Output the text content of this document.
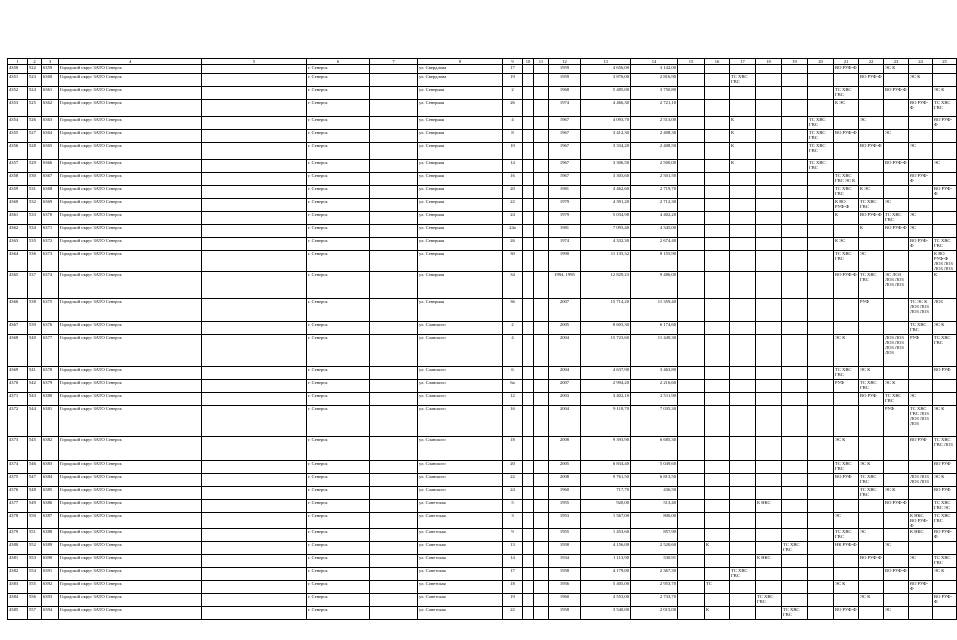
1	2	3	4	5	6	7	8	9	10	11	12	13	14	15	16	17	18	19	20	21	22	23	24	25
4350	522	6359	Городской округ ЗАТО Северск		г. Северск		ул. Свердлова	17			1959	4 656,00	3 142,00							ВО РУФ-Ф		ЭС К		
4351	523	6360	Городской округ ЗАТО Северск		г. Северск		ул. Свердлова	19			1959	3 876,00	2 816,90			ТС ХВС ГВС					ВО РУФ-Ф		ЭС К	
4352	524	6361	Городской округ ЗАТО Северск		г. Северск		ул. Северная	2			1968	5 485,00	3 750,80							ТС ХВС ГВС		ВО РУФ-Ф		ЭС К
4353	525	6362	Городской округ ЗАТО Северск		г. Северск		ул. Северная	26			1974	4 466,30	2 721,10							К ЭС			ВО РУФ-Ф	ТС ХВС ГВС
4354	526	6363	Городской округ ЗАТО Северск		г. Северск		ул. Северная	4			1967	4 093,70	2 513,00			К			ТС ХВС ГВС		ЭС			ВО РУФ-Ф
4355	527	6364	Городской округ ЗАТО Северск		г. Северск		ул. Северная	8			1967	3 412,30	2 408,30			К			ТС ХВС ГВС	ВО РУФ-Ф		ЭС		
4356	528	6365	Городской округ ЗАТО Северск		г. Северск		ул. Северная	10			1967	3 334,20	2 408,50			К			ТС ХВС ГВС		ВО РУФ-Ф		ЭС	
4357	529	6366	Городской округ ЗАТО Северск		г. Северск		ул. Северная	14			1967	3 306,50	2 500,00			К			ТС ХВС ГВС			ВО РУФ-Ф		ЭС
4358	530	6367	Городской округ ЗАТО Северск		г. Северск		ул. Северная	16			1967	3 303,60	2 501,50							ТС ХВС ГВС ЭС К			ВО РУФ-Ф	
4359	531	6368	Городской округ ЗАТО Северск		г. Северск		ул. Северная	20			1981	4 462,60	2 719,70							ТС ХВС ГВС	К ЭС			ВО РУФ-Ф
4360	532	6369	Городской округ ЗАТО Северск		г. Северск		ул. Северная	22			1979	4 391,20	2 712,30							К ВО РУФ-Ф	ТС ХВС ГВС	ЭС		
4361	533	6370	Городской округ ЗАТО Северск		г. Северск		ул. Северная	24			1979	5 034,90	4 402,20							К	ВО РУФ-Ф	ТС ХВС ГВС	ЭС	
4362	534	6371	Городской округ ЗАТО Северск		г. Северск		ул. Северная	24а			1981	7 093,40	4 345,00								К	ВО РУФ-Ф	ЭС	
4363	535	6372	Городской округ ЗАТО Северск		г. Северск		ул. Северная	26			1974	4 332,30	2 674,40							К ЭС			ВО РУФ-Ф	ТС ХВС ГВС
4364	536	6373	Городской округ ЗАТО Северск		г. Северск		ул. Северная	30			1990	11 135,32	8 155,90							ТС ХВС ГВС	ЭС			К ВО РУФ-Ф ЛОЗ ЛОЗ ЛОЗ ЛОЗ
4365	537	6374	Городской округ ЗАТО Северск		г. Северск		ул. Северная	34			1994, 1995	12 829,23	9 486,00							ВО РУФ-Ф	ТС ХВС ГВС	ЭС ЛОЗ ЛОЗ ЛОЗ ЛОЗ ЛОЗ		К
4366	538	6375	Городской округ ЗАТО Северск		г. Северск		ул. Северная	36			2007	15 714,20	11 359,40								РУФ		ТС ЭС К ЛОЗ ЛОЗ ЛОЗ ЛОЗ	ЛОЗ
4367	539	6376	Городской округ ЗАТО Северск		г. Северск		ул. Славского	2			2005	8 603,30	6 174,60										ТС ХВС ГВС	ЭС К
4368	540	6377	Городской округ ЗАТО Северск		г. Северск		ул. Славского	4			2004	15 723,60	11 449,30							ЭС К		ЛОЗ ЛОЗ ЛОЗ ЛОЗ ЛОЗ ЛОЗ ЛОЗ	РУФ	ТС ХВС ГВС
4369	541	6378	Городской округ ЗАТО Северск		г. Северск		ул. Славского	6			2004	4 637,90	3 463,80							ТС ХВС ГВС	ЭС К			ВО РУФ
4370	542	6379	Городской округ ЗАТО Северск		г. Северск		ул. Славского	6а			2007	2 994,20	2 216,60							РУФ	ТС ХВС ГВС	ЭС К		
4371	543	6380	Городской округ ЗАТО Северск		г. Северск		ул. Славского	12			2003	3 402,10	2 511,90								ВО РУФ	ТС ХВС ГВС	ЭС	
4372	544	6381	Городской округ ЗАТО Северск		г. Северск		ул. Славского	16			2004	9 118,70	7 035,30									РУФ	ТС ХВС ГВС ЛОЗ ЛОЗ ЛОЗ ЛОЗ	ЭС К
4373	545	6382	Городской округ ЗАТО Северск		г. Северск		ул. Славского	18			2008	9 393,90	6 685,30							ЭС К			ВО РУФ	ТС ХВС ГВС ЛОЗ
4374	546	6383	Городской округ ЗАТО Северск		г. Северск		ул. Славского	20			2005	6 834,40	5 049,60							ТС ХВС ГВС	ЭС К			ВО РУФ
4375	547	6384	Городской округ ЗАТО Северск		г. Северск		ул. Славского	22			2008	9 761,50	6 813,50							ВО РУФ	ТС ХВС ГВС		ЛОЗ ЛОЗ ЛОЗ ЛОЗ	ЭС К
4376	548	6385	Городской округ ЗАТО Северск		г. Северск		ул. Славского	24			1960	717,70	436,50								ТС ХВС ГВС	ЭС К		ВО РУФ
4377	549	6386	Городской округ ЗАТО Северск		г. Северск		ул. Советская	5			1955	920,00	513,40				К НКС					ВО РУФ-Ф		ТС ХВС ГВС ЭС
4378	550	6387	Городской округ ЗАТО Северск		г. Северск		ул. Советская	3			1953	1 567,00	800,00							ЭС			К НКС ВО РУФ-Ф	ТС ХВС ГВС
4379	551	6388	Городской округ ЗАТО Северск		г. Северск		ул. Советская	9			1955	1 453,60	857,90							ТС ХВС ГВС	ЭС		К НКС	ВО РУФ-Ф
4380	552	6389	Городской округ ЗАТО Северск		г. Северск		ул. Советская	13			1958	4 156,00	2 520,60		К			ТС ХВС ГВС		НК РУФ-Ф		ЭС		
4381	553	6390	Городской округ ЗАТО Северск		г. Северск		ул. Советская	14			1934	1 113,90	530,91				К НКС				ВО РУФ-Ф		ЭС	ТС ХВС ГВС
4382	554	6391	Городской округ ЗАТО Северск		г. Северск		ул. Советская	17			1958	4 179,00	2 367,30			ТС ХВС ГВС						ВО РУФ-Ф		ЭС К
4383	555	6392	Городской округ ЗАТО Северск		г. Северск		ул. Советская	18			1956	5 405,00	2 953,70		ТС					ЭС К			ВО РУФ-Ф	
4384	556	6393	Городской округ ЗАТО Северск		г. Северск		ул. Советская	19			1960	4 553,00	2 733,70				ТС ХВС ГВС				ЭС К			ВО РУФ-Ф
4385	557	6394	Городской округ ЗАТО Северск		г. Северск		ул. Советская	22			1958	3 540,00	2 015,00		К			ТС ХВС ГВС		ВО РУФ-Ф		ЭС		
